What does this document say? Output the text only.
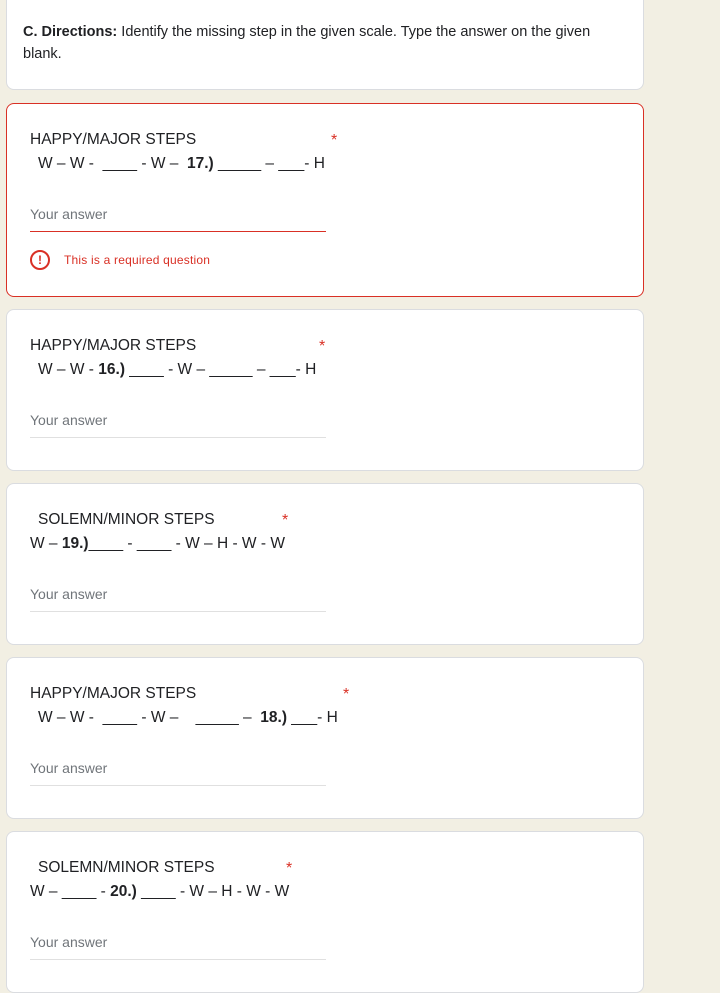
C. Directions: Identify the missing step in the given scale. Type the answer on the given blank.
HAPPY/MAJOR STEPS	*
W – W -  ____ - W –  17.) _____ – ___- H
Your answer
!	This is a required question
HAPPY/MAJOR STEPS	*
W – W - 16.) ____ - W – _____ – ___- H
Your answer
SOLEMN/MINOR STEPS	*
W – 19.)____ - ____ - W – H - W - W
Your answer
HAPPY/MAJOR STEPS	*
W – W -  ____ - W –    _____ –  18.) ___- H
Your answer
SOLEMN/MINOR STEPS	*
W – ____ - 20.) ____ - W – H - W - W
Your answer
